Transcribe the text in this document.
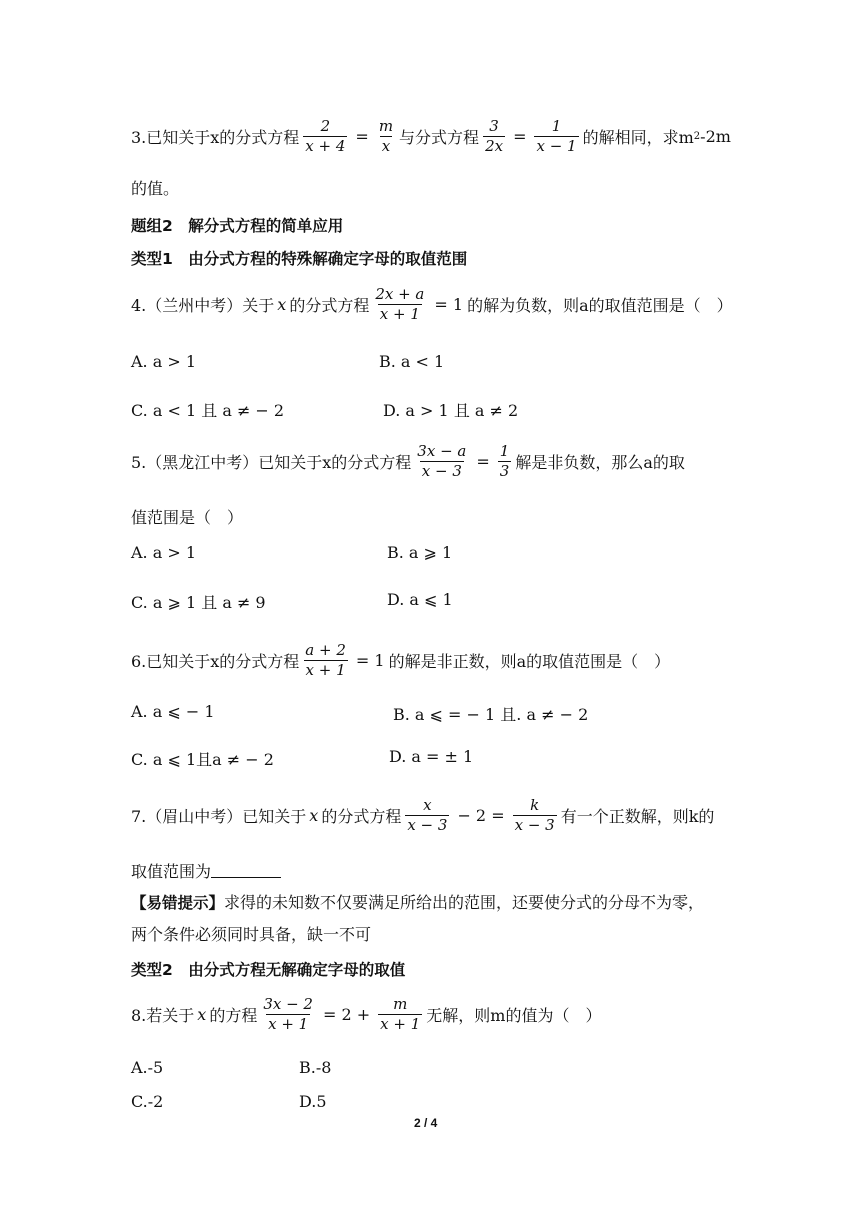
3.已知关于x的分式方程 $\frac{2}{x + 4} = \frac{m}{x}$ 与分式方程 $\frac{3}{2x} = \frac{1}{x - 1}$ 的解相同，求m 2 -2m
的值。
题组2　解分式方程的简单应用
类型1　由分式方程的特殊解确定字母的取值范围
4.（兰州中考）关于 x 的分式方程 $\frac{2x + a}{x + 1} = 1$ 的解为负数，则a的取值范围是（　）
A. a > 1	B. a < 1
C. a < 1 且 a ≠ − 2	D. a > 1 且 a ≠ 2
5.（黑龙江中考）已知关于x的分式方程 $\frac{3x - a}{x - 3} = \frac{1}{3}$ 解是非负数，那么a的取
值范围是（　）
A. a > 1	B. a ⩾ 1
C. a ⩾ 1 且 a ≠ 9	D. a ⩽ 1
6.已知关于x的分式方程 $\frac{a + 2}{x + 1} = 1$ 的解是非正数，则a的取值范围是（　）
A. a ⩽ − 1	B. a ⩽ = − 1 且. a ≠ − 2
C. a ⩽ 1且a ≠ − 2	D. a = ± 1
7.（眉山中考）已知关于 x 的分式方程 $\frac{x}{x - 3} - 2 = \frac{k}{x - 3}$ 有一个正数解，则k的
取值范围为
【易错提示】 求得的未知数不仅要满足所给出的范围，还要使分式的分母不为零，
两个条件必须同时具备，缺一不可
类型2　由分式方程无解确定字母的取值
8.若关于 x 的方程 $\frac{3x - 2}{x + 1} = 2 + \frac{m}{x + 1}$ 无解，则m的值为（　）
A.-5	B.-8
C.-2	D.5
2 / 4
